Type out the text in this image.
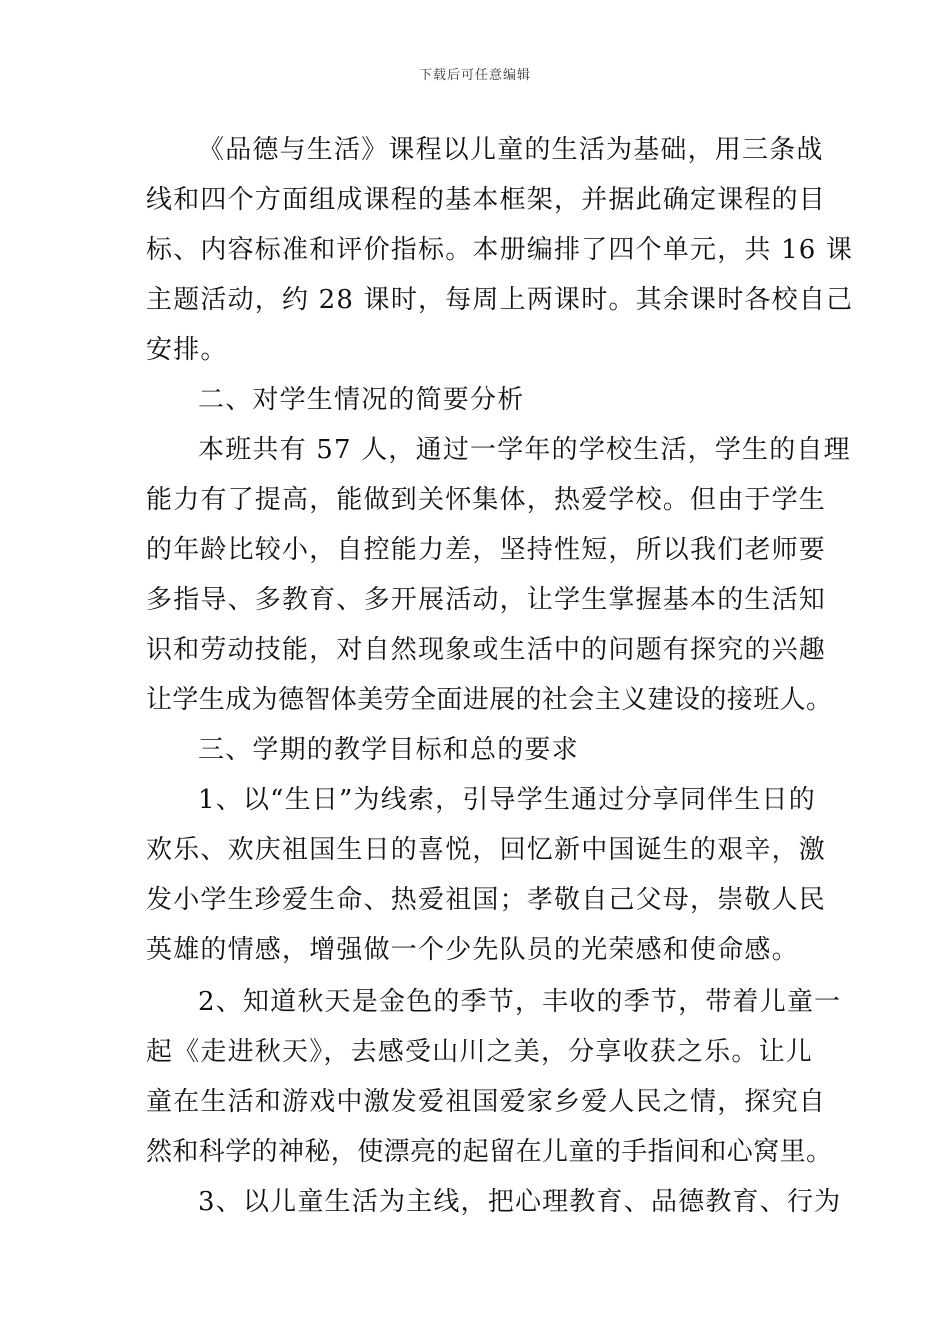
下载后可任意编辑
《品德与生活》课程以儿童的生活为基础，用三条战
线和四个方面组成课程的基本框架，并据此确定课程的目
标、内容标准和评价指标。本册编排了四个单元，共 16 课
主题活动，约 28 课时，每周上两课时。其余课时各校自己
安排。
二、对学生情况的简要分析
本班共有 57 人，通过一学年的学校生活，学生的自理
能力有了提高，能做到关怀集体，热爱学校。但由于学生
的年龄比较小，自控能力差，坚持性短，所以我们老师要
多指导、多教育、多开展活动，让学生掌握基本的生活知
识和劳动技能，对自然现象或生活中的问题有探究的兴趣
让学生成为德智体美劳全面进展的社会主义建设的接班人。
三、学期的教学目标和总的要求
1、以“生日”为线索，引导学生通过分享同伴生日的
欢乐、欢庆祖国生日的喜悦，回忆新中国诞生的艰辛，激
发小学生珍爱生命、热爱祖国；孝敬自己父母，崇敬人民
英雄的情感，增强做一个少先队员的光荣感和使命感。
2、知道秋天是金色的季节，丰收的季节，带着儿童一
起《走进秋天》，去感受山川之美，分享收获之乐。让儿
童在生活和游戏中激发爱祖国爱家乡爱人民之情，探究自
然和科学的神秘，使漂亮的起留在儿童的手指间和心窝里。
3、以儿童生活为主线，把心理教育、品德教育、行为
